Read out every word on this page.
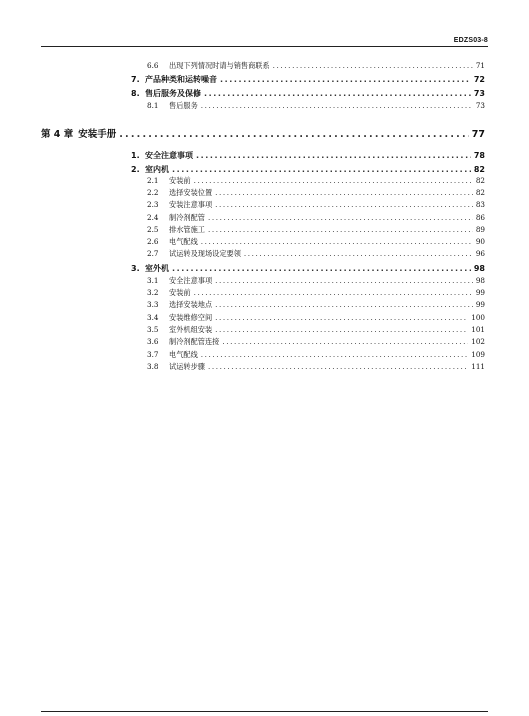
EDZS03-8
6.6	出现下列情况时请与销售商联系 .....	71
7. 产品种类和运转噪音 .....	72
8. 售后服务及保修 .....	73
8.1	售后服务 .....	73
第 4 章 安装手册 .....	77
1. 安全注意事项 .....	78
2. 室内机 .....	82
2.1	安装前 .....	82
2.2	选择安装位置 .....	82
2.3	安装注意事项 .....	83
2.4	制冷剂配管 .....	86
2.5	排水管施工 .....	89
2.6	电气配线 .....	90
2.7	试运转及现场设定要领 .....	96
3. 室外机 .....	98
3.1	安全注意事项 .....	98
3.2	安装前 .....	99
3.3	选择安装地点 .....	99
3.4	安装维修空间 .....	100
3.5	室外机组安装 .....	101
3.6	制冷剂配管连接 .....	102
3.7	电气配线 .....	109
3.8	试运转步骤 .....	111
